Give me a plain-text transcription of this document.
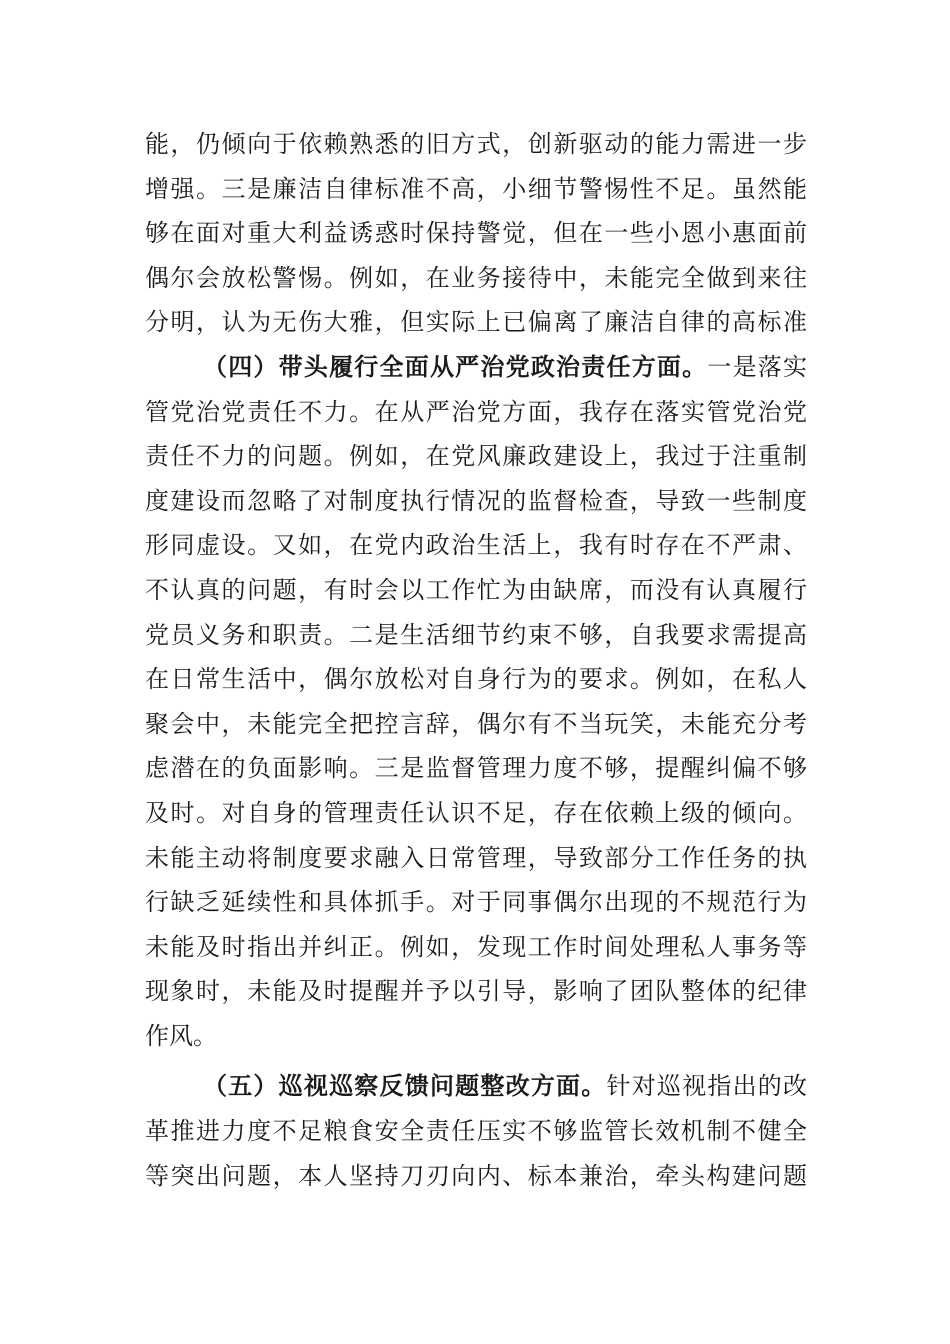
能，仍倾向于依赖熟悉的旧方式，创新驱动的能力需进一步
增强。三是廉洁自律标准不高，小细节警惕性不足。虽然能
够在面对重大利益诱惑时保持警觉，但在一些小恩小惠面前
偶尔会放松警惕。例如，在业务接待中，未能完全做到来往
分明，认为无伤大雅，但实际上已偏离了廉洁自律的高标准
（四）带头履行全面从严治党政治责任方面。一是落实
管党治党责任不力。在从严治党方面，我存在落实管党治党
责任不力的问题。例如，在党风廉政建设上，我过于注重制
度建设而忽略了对制度执行情况的监督检查，导致一些制度
形同虚设。又如，在党内政治生活上，我有时存在不严肃、
不认真的问题，有时会以工作忙为由缺席，而没有认真履行
党员义务和职责。二是生活细节约束不够，自我要求需提高
在日常生活中，偶尔放松对自身行为的要求。例如，在私人
聚会中，未能完全把控言辞，偶尔有不当玩笑，未能充分考
虑潜在的负面影响。三是监督管理力度不够，提醒纠偏不够
及时。对自身的管理责任认识不足，存在依赖上级的倾向。
未能主动将制度要求融入日常管理，导致部分工作任务的执
行缺乏延续性和具体抓手。对于同事偶尔出现的不规范行为
未能及时指出并纠正。例如，发现工作时间处理私人事务等
现象时，未能及时提醒并予以引导，影响了团队整体的纪律
作风。
（五）巡视巡察反馈问题整改方面。针对巡视指出的改
革推进力度不足粮食安全责任压实不够监管长效机制不健全
等突出问题，本人坚持刀刃向内、标本兼治，牵头构建问题
